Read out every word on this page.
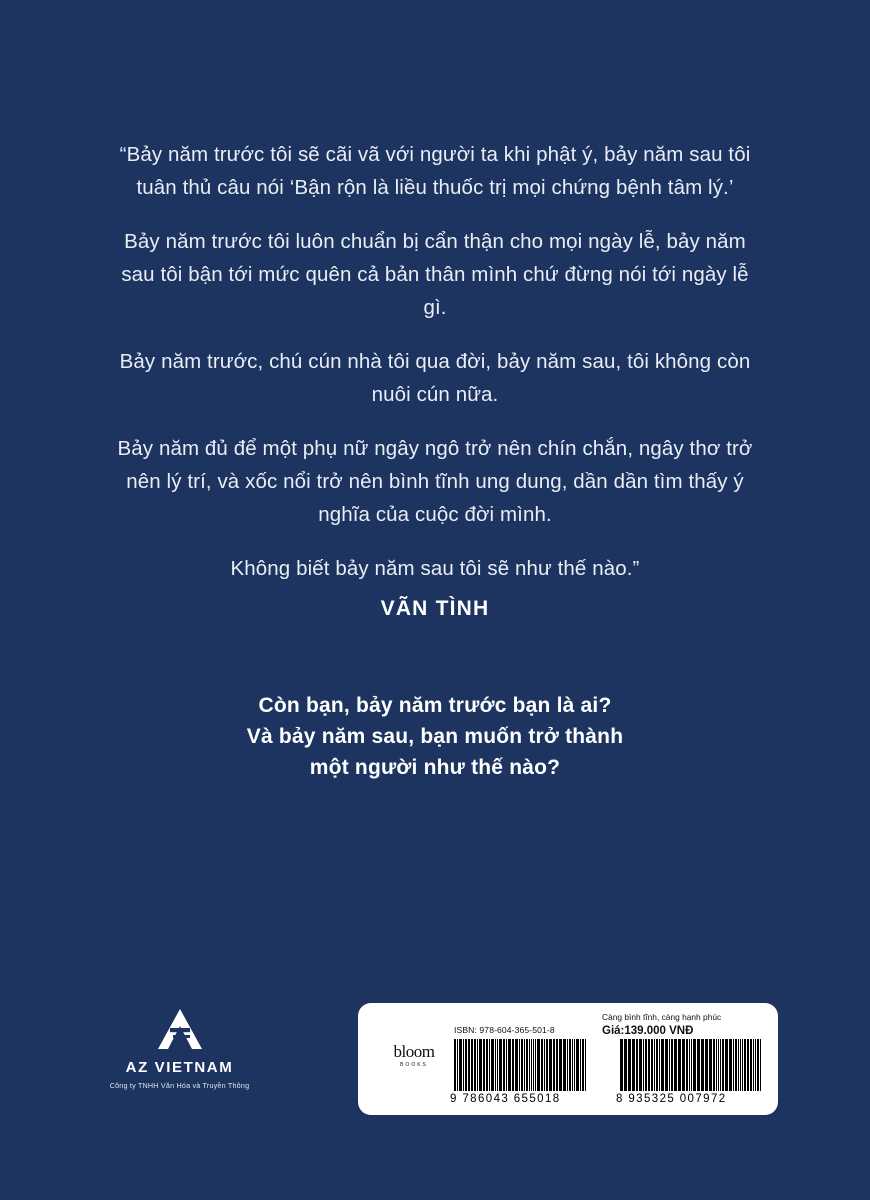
“Bảy năm trước tôi sẽ cãi vã với người ta khi phật ý, bảy năm sau tôi tuân thủ câu nói ‘Bận rộn là liều thuốc trị mọi chứng bệnh tâm lý.’

Bảy năm trước tôi luôn chuẩn bị cẩn thận cho mọi ngày lễ, bảy năm sau tôi bận tới mức quên cả bản thân mình chứ đừng nói tới ngày lễ gì.

Bảy năm trước, chú cún nhà tôi qua đời, bảy năm sau, tôi không còn nuôi cún nữa.

Bảy năm đủ để một phụ nữ ngây ngô trở nên chín chắn, ngây thơ trở nên lý trí, và xốc nổi trở nên bình tĩnh ung dung, dần dần tìm thấy ý nghĩa của cuộc đời mình.

Không biết bảy năm sau tôi sẽ như thế nào.”

VÃN TÌNH
Còn bạn, bảy năm trước bạn là ai?
Và bảy năm sau, bạn muốn trở thành
một người như thế nào?
AZ VIETNAM
Công ty TNHH Văn Hóa và Truyền Thông
ISBN: 978-604-365-501-8
bloom
BOOKS
Càng bình tĩnh, càng hạnh phúc
Giá:139.000 VNĐ
9 786043 655018	8 935325 007972
